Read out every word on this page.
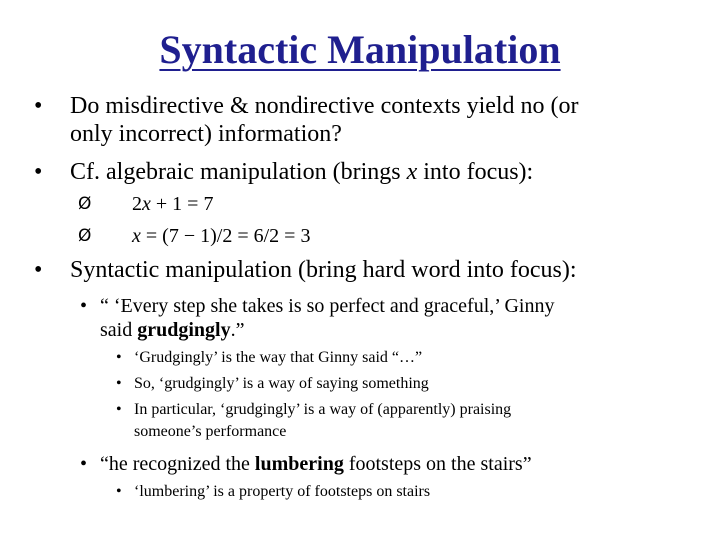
Syntactic Manipulation
• Do misdirective & nondirective contexts yield no (or
only incorrect) information?
• Cf. algebraic manipulation (brings x into focus):
Ø 2x + 1 = 7
Ø x = (7 − 1)/2 = 6/2 = 3
• Syntactic manipulation (bring hard word into focus):
• “ ‘Every step she takes is so perfect and graceful,’ Ginny
said grudgingly.”
• ‘Grudgingly’ is the way that Ginny said “…”
• So, ‘grudgingly’ is a way of saying something
• In particular, ‘grudgingly’ is a way of (apparently) praising
someone’s performance
• “he recognized the lumbering footsteps on the stairs”
• ‘lumbering’ is a property of footsteps on stairs
